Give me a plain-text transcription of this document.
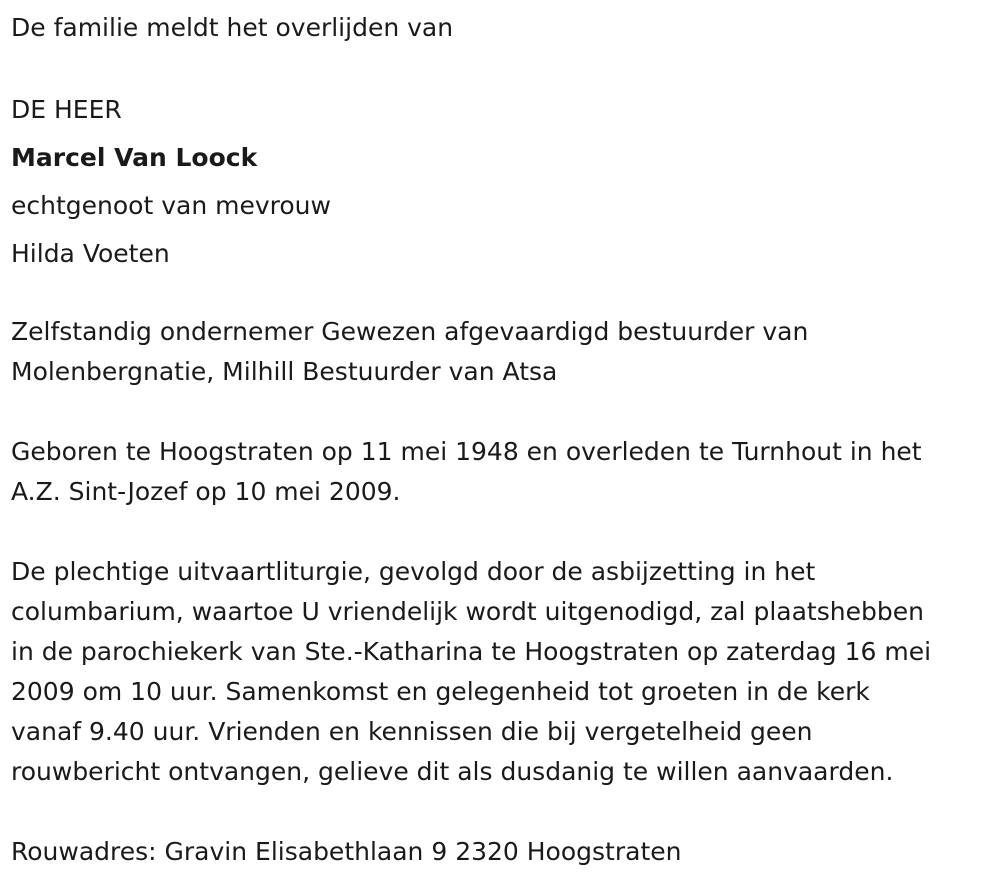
De familie meldt het overlijden van
DE HEER
Marcel Van Loock
echtgenoot van mevrouw
Hilda Voeten
Zelfstandig ondernemer Gewezen afgevaardigd bestuurder van
Molenbergnatie, Milhill Bestuurder van Atsa
Geboren te Hoogstraten op 11 mei 1948 en overleden te Turnhout in het
A.Z. Sint-Jozef op 10 mei 2009.
De plechtige uitvaartliturgie, gevolgd door de asbijzetting in het
columbarium, waartoe U vriendelijk wordt uitgenodigd, zal plaatshebben
in de parochiekerk van Ste.-Katharina te Hoogstraten op zaterdag 16 mei
2009 om 10 uur. Samenkomst en gelegenheid tot groeten in de kerk
vanaf 9.40 uur. Vrienden en kennissen die bij vergetelheid geen
rouwbericht ontvangen, gelieve dit als dusdanig te willen aanvaarden.
Rouwadres: Gravin Elisabethlaan 9 2320 Hoogstraten
